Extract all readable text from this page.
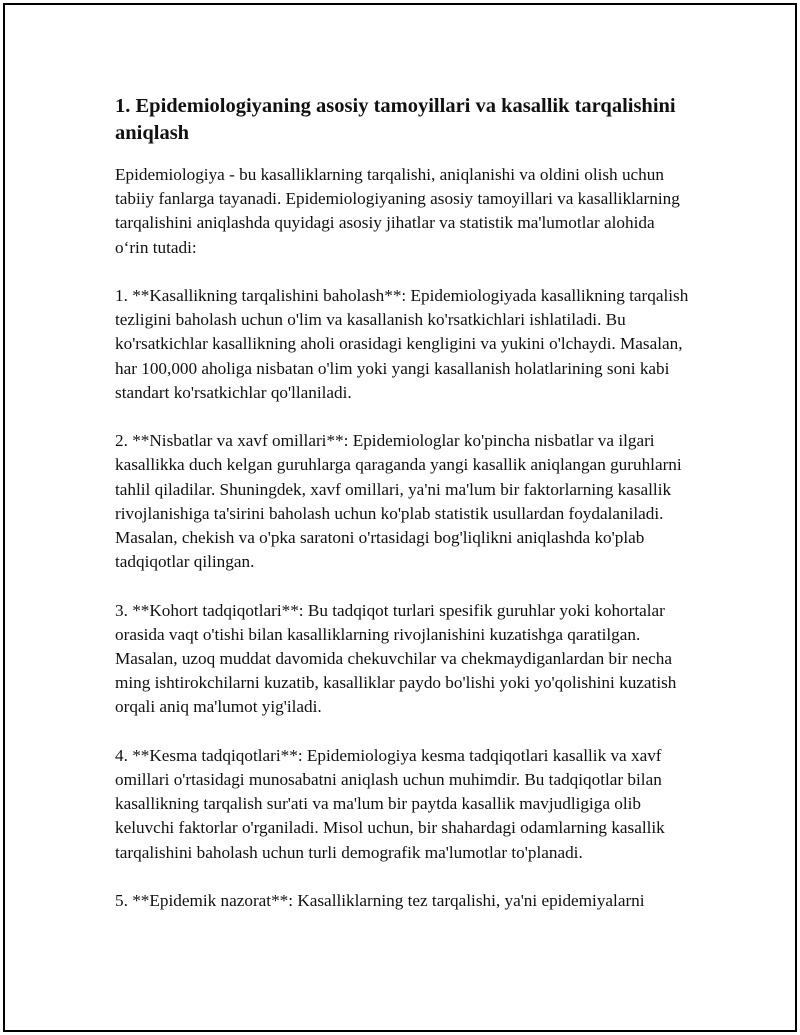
1. Epidemiologiyaning asosiy tamoyillari va kasallik tarqalishini aniqlash

Epidemiologiya - bu kasalliklarning tarqalishi, aniqlanishi va oldini olish uchun tabiiy fanlarga tayanadi. Epidemiologiyaning asosiy tamoyillari va kasalliklarning tarqalishini aniqlashda quyidagi asosiy jihatlar va statistik ma'lumotlar alohida o‘rin tutadi:

1. **Kasallikning tarqalishini baholash**: Epidemiologiyada kasallikning tarqalish tezligini baholash uchun o'lim va kasallanish ko'rsatkichlari ishlatiladi. Bu ko'rsatkichlar kasallikning aholi orasidagi kengligini va yukini o'lchaydi. Masalan, har 100,000 aholiga nisbatan o'lim yoki yangi kasallanish holatlarining soni kabi standart ko'rsatkichlar qo'llaniladi.

2. **Nisbatlar va xavf omillari**: Epidemiologlar ko'pincha nisbatlar va ilgari kasallikka duch kelgan guruhlarga qaraganda yangi kasallik aniqlangan guruhlarni tahlil qiladilar. Shuningdek, xavf omillari, ya'ni ma'lum bir faktorlarning kasallik rivojlanishiga ta'sirini baholash uchun ko'plab statistik usullardan foydalaniladi. Masalan, chekish va o'pka saratoni o'rtasidagi bog'liqlikni aniqlashda ko'plab tadqiqotlar qilingan.

3. **Kohort tadqiqotlari**: Bu tadqiqot turlari spesifik guruhlar yoki kohortalar orasida vaqt o'tishi bilan kasalliklarning rivojlanishini kuzatishga qaratilgan. Masalan, uzoq muddat davomida chekuvchilar va chekmaydiganlardan bir necha ming ishtirokchilarni kuzatib, kasalliklar paydo bo'lishi yoki yo'qolishini kuzatish orqali aniq ma'lumot yig'iladi.

4. **Kesma tadqiqotlari**: Epidemiologiya kesma tadqiqotlari kasallik va xavf omillari o'rtasidagi munosabatni aniqlash uchun muhimdir. Bu tadqiqotlar bilan kasallikning tarqalish sur'ati va ma'lum bir paytda kasallik mavjudligiga olib keluvchi faktorlar o'rganiladi. Misol uchun, bir shahardagi odamlarning kasallik tarqalishini baholash uchun turli demografik ma'lumotlar to'planadi.

5. **Epidemik nazorat**: Kasalliklarning tez tarqalishi, ya'ni epidemiyalarni
